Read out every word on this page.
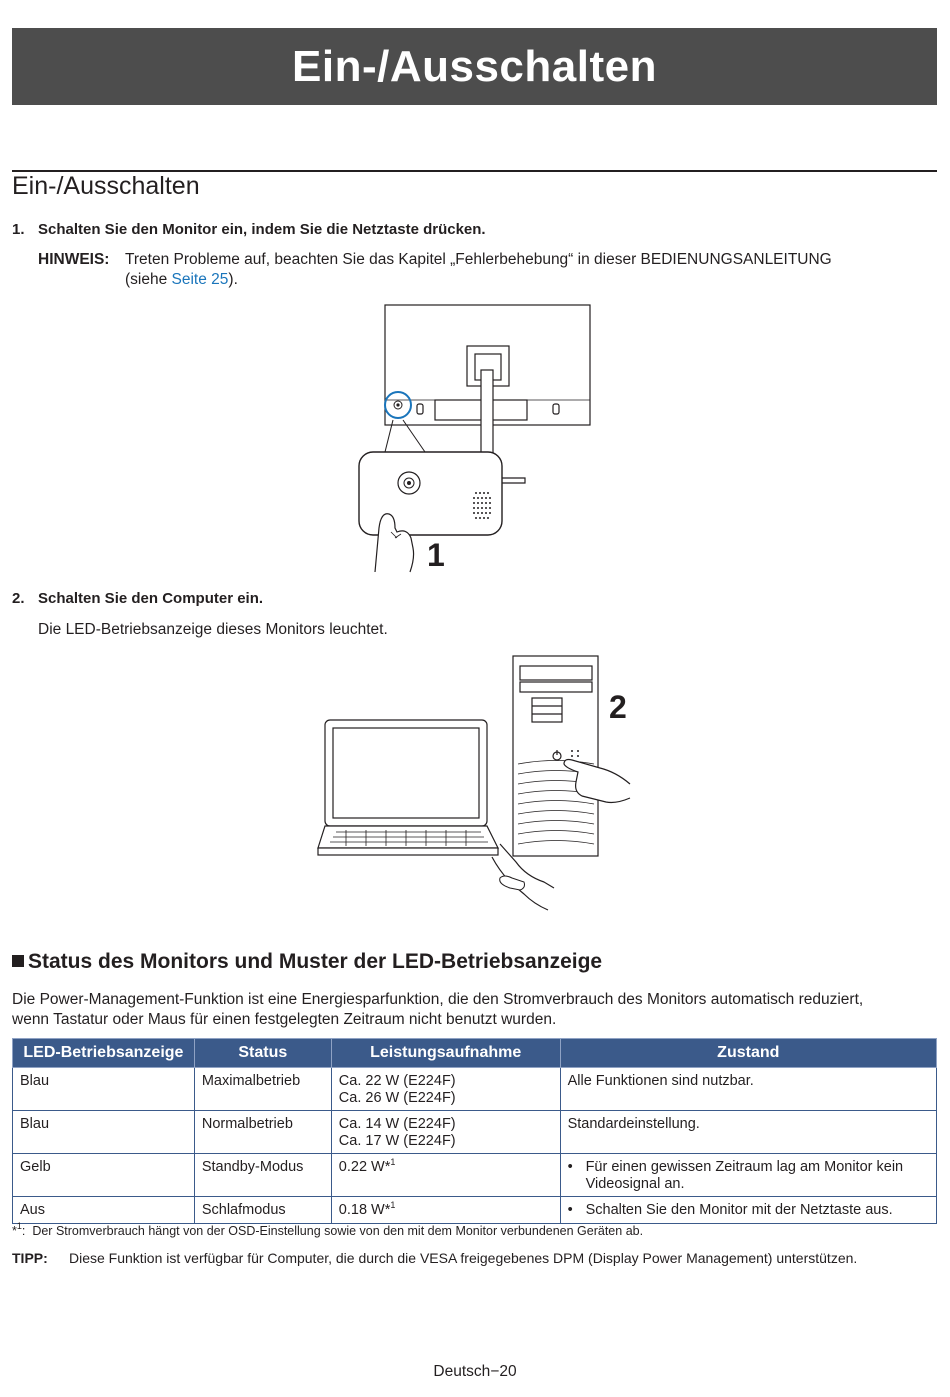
Ein-/Ausschalten
Ein-/Ausschalten
1. Schalten Sie den Monitor ein, indem Sie die Netztaste drücken.
HINWEIS: Treten Probleme auf, beachten Sie das Kapitel „Fehlerbehebung“ in dieser BEDIENUNGSANLEITUNG
(siehe Seite 25).
1
2. Schalten Sie den Computer ein.
Die LED-Betriebsanzeige dieses Monitors leuchtet.
2
Status des Monitors und Muster der LED-Betriebsanzeige
Die Power-Management-Funktion ist eine Energiesparfunktion, die den Stromverbrauch des Monitors automatisch reduziert,
wenn Tastatur oder Maus für einen festgelegten Zeitraum nicht benutzt wurden.
LED-Betriebsanzeige	Status	Leistungsaufnahme	Zustand
Blau	Maximalbetrieb	Ca. 22 W (E224F)
Ca. 26 W (E224F)	Alle Funktionen sind nutzbar.
Blau	Normalbetrieb	Ca. 14 W (E224F)
Ca. 17 W (E224F)	Standardeinstellung.
Gelb	Standby-Modus	0.22 W*$^1$	• Für einen gewissen Zeitraum lag am Monitor kein
Videosignal an.

Aus	Schlafmodus	0.18 W*$^1$	• Schalten Sie den Monitor mit der Netztaste aus.
*$^1$: Der Stromverbrauch hängt von der OSD-Einstellung sowie von den mit dem Monitor verbundenen Geräten ab.
TIPP: Diese Funktion ist verfügbar für Computer, die durch die VESA freigegebenes DPM (Display Power Management) unterstützen.
Deutsch−20
